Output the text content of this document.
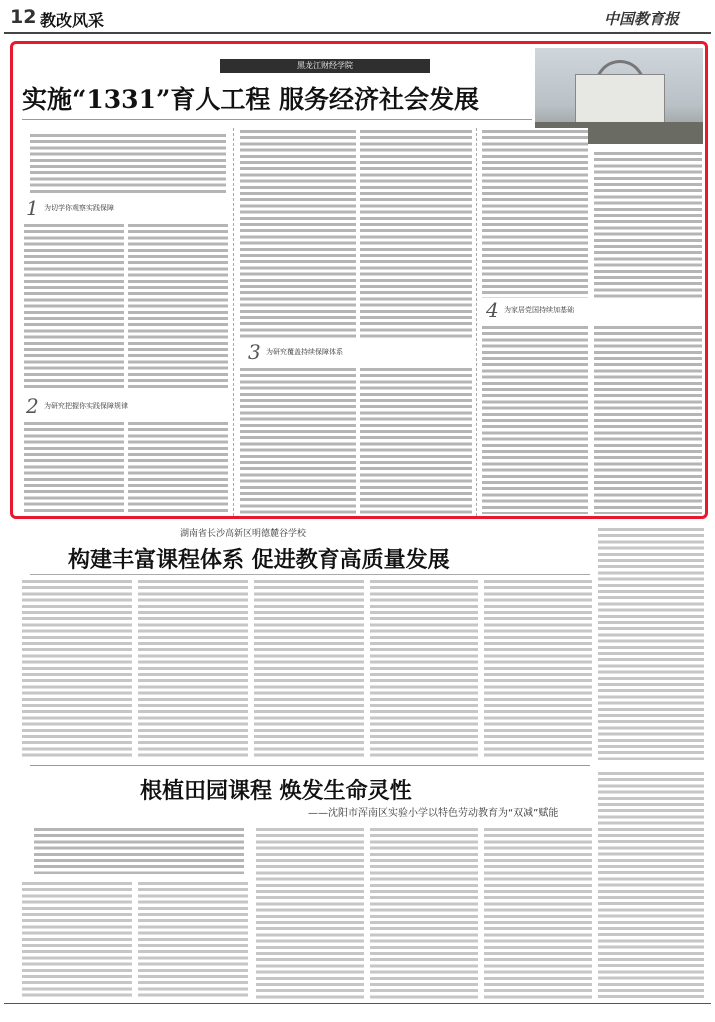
12 教改风采	中国教育报
黑龙江财经学院
实施“1331”育人工程 服务经济社会发展
1 为切学你观察实践保障
2 为研究把握你实践保障规律
3 为研究覆盖持续保障体系
4 为家居党国持续加基础
湖南省长沙高新区明德麓谷学校
构建丰富课程体系 促进教育高质量发展
根植田园课程 焕发生命灵性
——沈阳市浑南区实验小学以特色劳动教育为“双减”赋能
